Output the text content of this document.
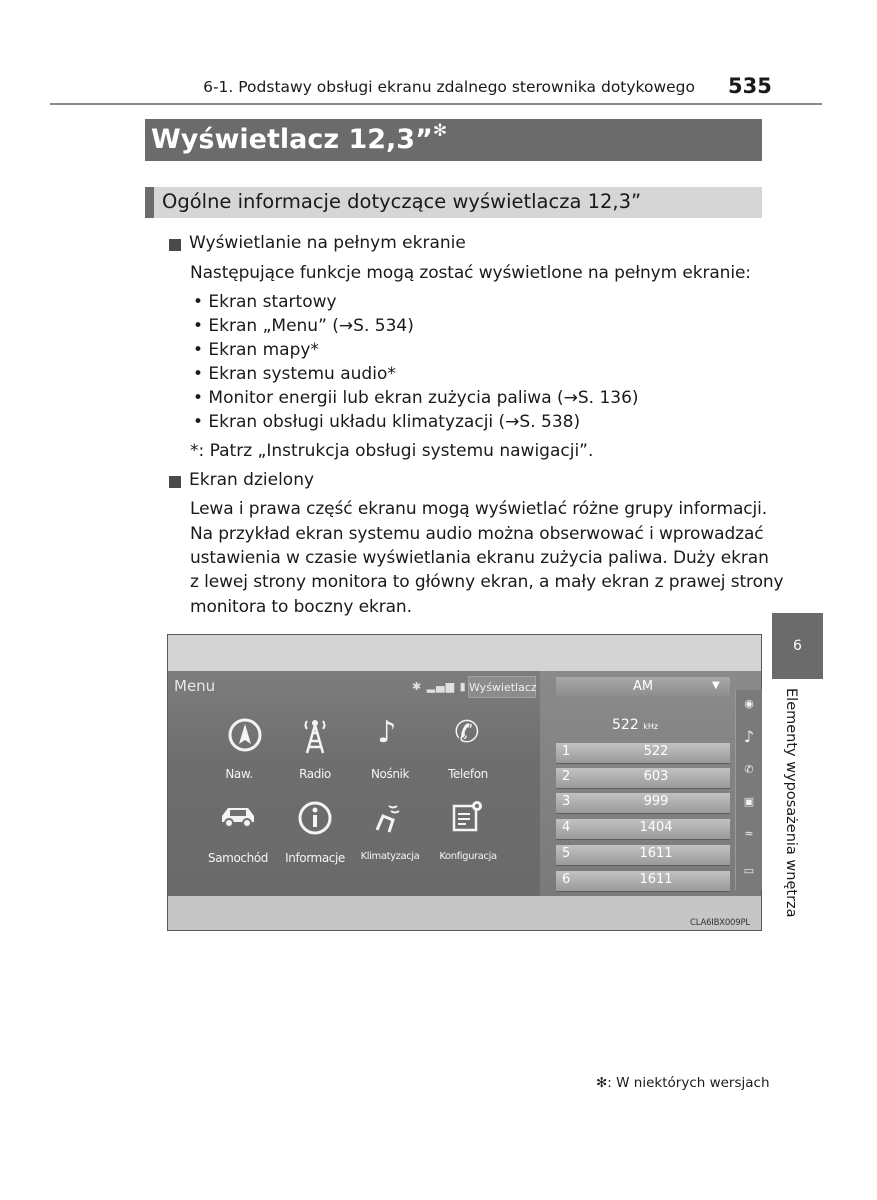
6-1. Podstawy obsługi ekranu zdalnego sterownika dotykowego 535
Wyświetlacz 12,3”✻
Ogólne informacje dotyczące wyświetlacza 12,3”
Wyświetlanie na pełnym ekranie
Następujące funkcje mogą zostać wyświetlone na pełnym ekranie:
• Ekran startowy
• Ekran „Menu” (→S. 534)
• Ekran mapy*
• Ekran systemu audio*
• Monitor energii lub ekran zużycia paliwa (→S. 136)
• Ekran obsługi układu klimatyzacji (→S. 538)
*: Patrz „Instrukcja obsługi systemu nawigacji”.
Ekran dzielony
Lewa i prawa część ekranu mogą wyświetlać różne grupy informacji.
Na przykład ekran systemu audio można obserwować i wprowadzać
ustawienia w czasie wyświetlania ekranu zużycia paliwa. Duży ekran
z lewej strony monitora to główny ekran, a mały ekran z prawej strony
monitora to boczny ekran.
6
Elementy wyposażenia wnętrza
Menu	✱ ▂▄▆ ▮ Wyświetlacz
Naw.	Radio
♪
Nośnik
✆
Telefon
Samochód	Informacje	Klimatyzacja	Konfiguracja
AM	▼
522 kHz
1	522
2	603
3	999
4	1404
5	1611
6	1611
◉
♪
✆
▣
≈
▭
CLA6IBX009PL
✻: W niektórych wersjach
